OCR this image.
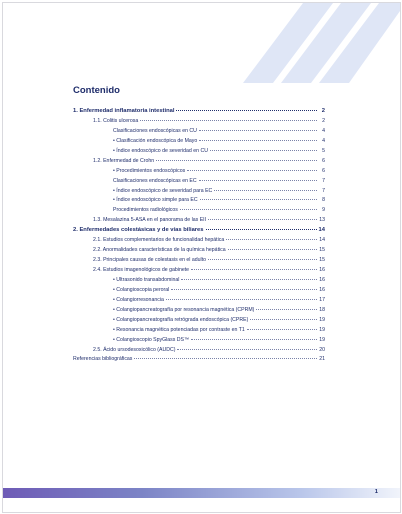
Contenido
1. Enfermedad inflamatoria intestinal	2
1.1. Colitis ulcerosa	2
Clasificaciones endoscópicas en CU	4
• Clasificación endoscópica de Mayo	4
• Índice endoscópico de severidad en CU	5
1.2. Enfermedad de Crohn	6
• Procedimientos endoscópicos	6
Clasificaciones endoscópicas en EC	7
• Índice endoscópico de severidad para EC	7
• Índice endoscópico simple para EC	8
Procedimientos radiológicos	9
1.3. Mesalazina 5-ASA en el panorama de las EII	13
2. Enfermedades colestásicas y de vías biliares	14
2.1. Estudios complementarios de funcionalidad hepática	14
2.2. Anormalidades características de la química hepática	15
2.3. Principales causas de colestasis en el adulto	15
2.4. Estudios imagenológicos de gabinete	16
• Ultrasonido transabdominal	16
• Colangioscopia peroral	16
• Colangiorresonancia	17
• Colangiopancreatografía por resonancia magnética (CPRM)	18
• Colangiopancreatografía retrógrada endoscópica (CPRE)	19
• Resonancia magnética potenciadas por contraste en T1	19
• Colangioscopio SpyGlass DS™	19
2.5. Ácido ursodesoxicólico (AUDC)	20
Referencias bibliográficas	21
1
